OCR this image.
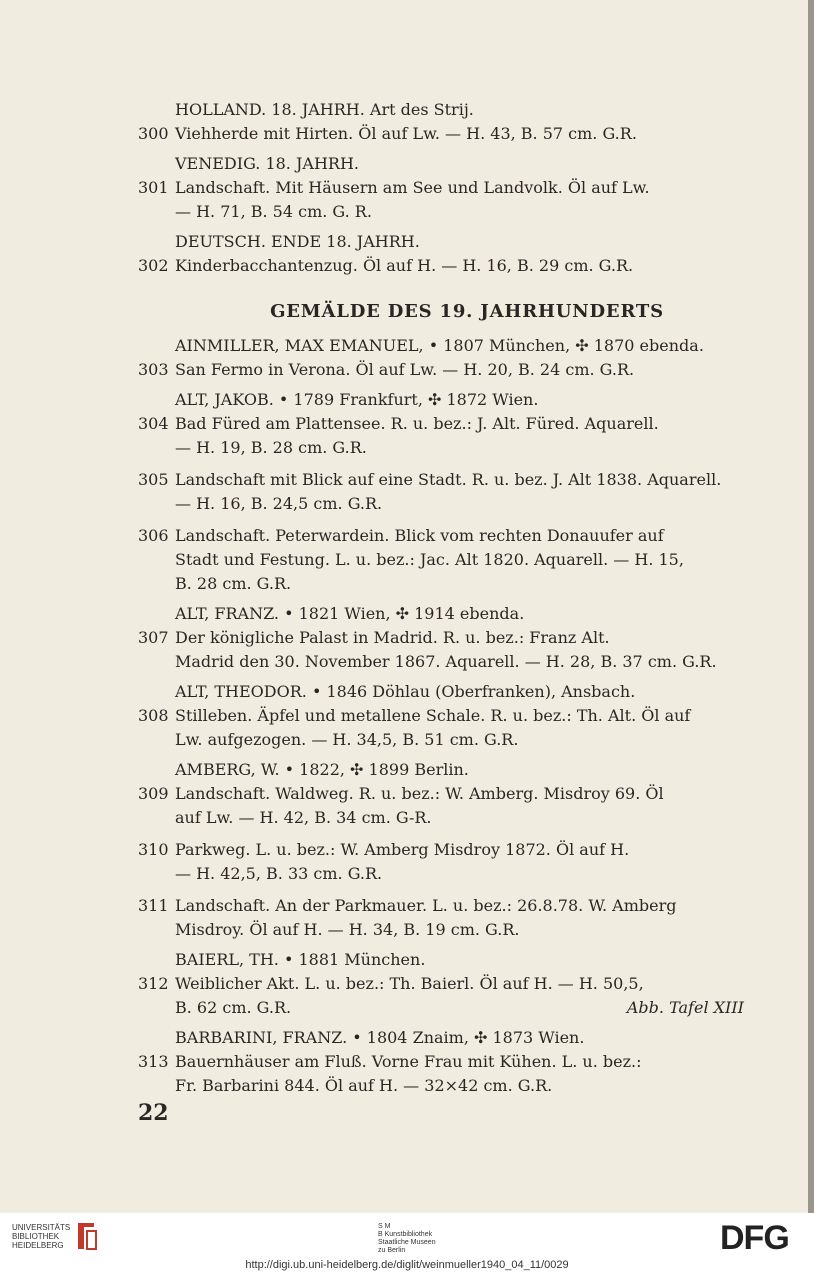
HOLLAND. 18. JAHRH. Art des Strij.
300 Viehherde mit Hirten. Öl auf Lw. — H. 43, B. 57 cm. G.R.
VENEDIG. 18. JAHRH.
301 Landschaft. Mit Häusern am See und Landvolk. Öl auf Lw.
— H. 71, B. 54 cm. G. R.
DEUTSCH. ENDE 18. JAHRH.
302 Kinderbacchantenzug. Öl auf H. — H. 16, B. 29 cm. G.R.
GEMÄLDE DES 19. JAHRHUNDERTS
AINMILLER, MAX EMANUEL, • 1807 München, ✣ 1870 ebenda.
303 San Fermo in Verona. Öl auf Lw. — H. 20, B. 24 cm. G.R.
ALT, JAKOB. • 1789 Frankfurt, ✣ 1872 Wien.
304 Bad Füred am Plattensee. R. u. bez.: J. Alt. Füred. Aquarell.
— H. 19, B. 28 cm. G.R.
305 Landschaft mit Blick auf eine Stadt. R. u. bez. J. Alt 1838. Aquarell.
— H. 16, B. 24,5 cm. G.R.
306 Landschaft. Peterwardein. Blick vom rechten Donauufer auf
Stadt und Festung. L. u. bez.: Jac. Alt 1820. Aquarell. — H. 15,
B. 28 cm. G.R.
ALT, FRANZ. • 1821 Wien, ✣ 1914 ebenda.
307 Der königliche Palast in Madrid. R. u. bez.: Franz Alt.
Madrid den 30. November 1867. Aquarell. — H. 28, B. 37 cm. G.R.
ALT, THEODOR. • 1846 Döhlau (Oberfranken), Ansbach.
308 Stilleben. Äpfel und metallene Schale. R. u. bez.: Th. Alt. Öl auf
Lw. aufgezogen. — H. 34,5, B. 51 cm. G.R.
AMBERG, W. • 1822, ✣ 1899 Berlin.
309 Landschaft. Waldweg. R. u. bez.: W. Amberg. Misdroy 69. Öl
auf Lw. — H. 42, B. 34 cm. G-R.
310 Parkweg. L. u. bez.: W. Amberg Misdroy 1872. Öl auf H.
— H. 42,5, B. 33 cm. G.R.
311 Landschaft. An der Parkmauer. L. u. bez.: 26.8.78. W. Amberg
Misdroy. Öl auf H. — H. 34, B. 19 cm. G.R.
BAIERL, TH. • 1881 München.
312 Weiblicher Akt. L. u. bez.: Th. Baierl. Öl auf H. — H. 50,5,
B. 62 cm. G.R.	Abb. Tafel XIII
BARBARINI, FRANZ. • 1804 Znaim, ✣ 1873 Wien.
313 Bauernhäuser am Fluß. Vorne Frau mit Kühen. L. u. bez.:
Fr. Barbarini 844. Öl auf H. — 32×42 cm. G.R.
22
UNIVERSITÄTS
BIBLIOTHEK
HEIDELBERG
S M
B Kunstbibliothek
Staatliche Museen
zu Berlin	DFG
http://digi.ub.uni-heidelberg.de/diglit/weinmueller1940_04_11/0029
